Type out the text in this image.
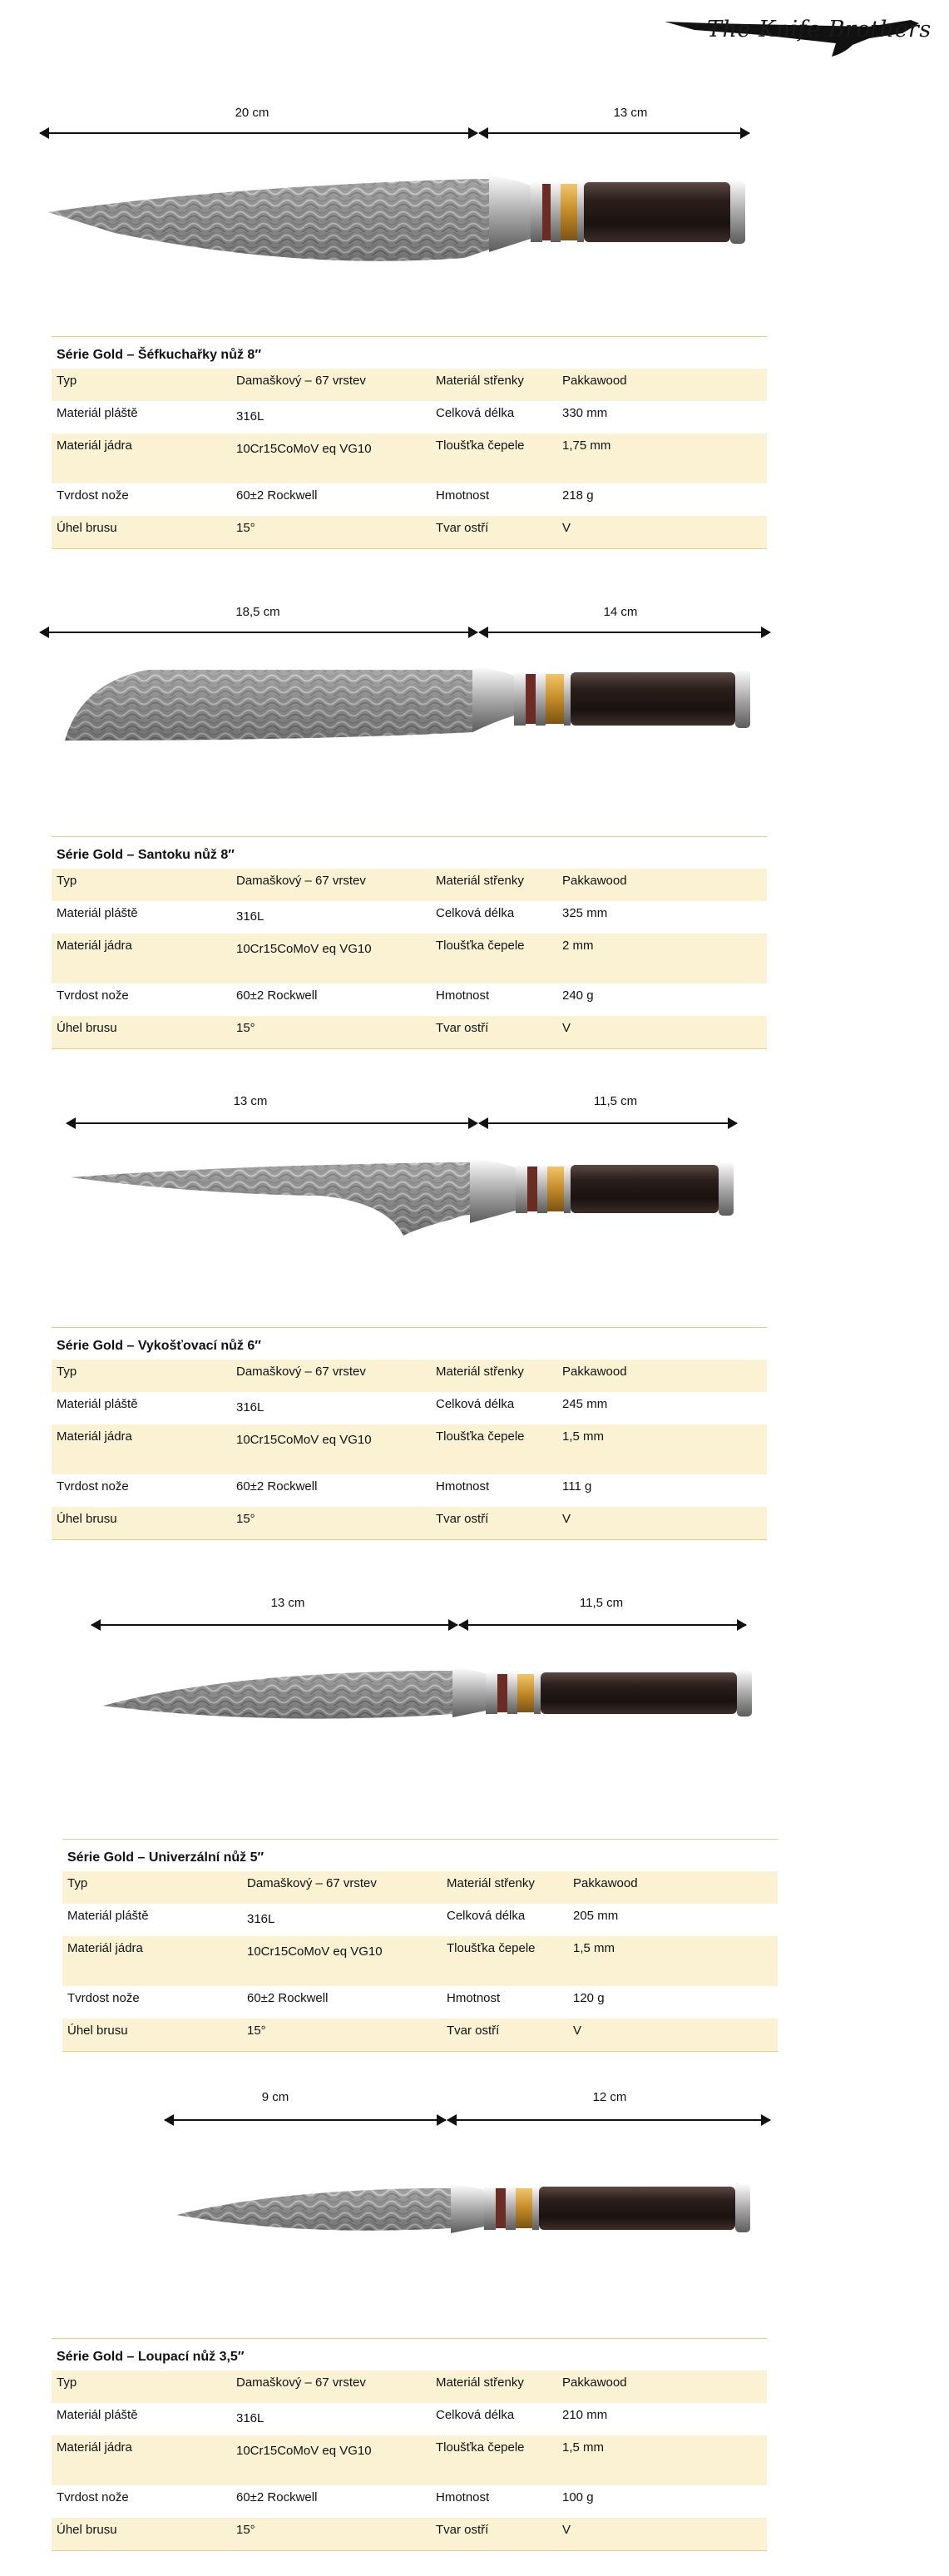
The Knife Brothers
20 cm	13 cm
Série Gold – Šéfkuchařky nůž 8″
Typ	Damaškový – 67 vrstev	Materiál střenky	Pakkawood
Materiál pláště	316L	Celková délka	330 mm
Materiál jádra	10Cr15CoMoV eq VG10	Tloušťka čepele	1,75 mm
Tvrdost nože	60±2 Rockwell	Hmotnost	218 g
Úhel brusu	15°	Tvar ostří	V
18,5 cm	14 cm
Série Gold – Santoku nůž 8″
Typ	Damaškový – 67 vrstev	Materiál střenky	Pakkawood
Materiál pláště	316L	Celková délka	325 mm
Materiál jádra	10Cr15CoMoV eq VG10	Tloušťka čepele	2 mm
Tvrdost nože	60±2 Rockwell	Hmotnost	240 g
Úhel brusu	15°	Tvar ostří	V
13 cm	11,5 cm
Série Gold – Vykošťovací nůž 6″
Typ	Damaškový – 67 vrstev	Materiál střenky	Pakkawood
Materiál pláště	316L	Celková délka	245 mm
Materiál jádra	10Cr15CoMoV eq VG10	Tloušťka čepele	1,5 mm
Tvrdost nože	60±2 Rockwell	Hmotnost	111 g
Úhel brusu	15°	Tvar ostří	V
13 cm	11,5 cm
Série Gold – Univerzální nůž 5″
Typ	Damaškový – 67 vrstev	Materiál střenky	Pakkawood
Materiál pláště	316L	Celková délka	205 mm
Materiál jádra	10Cr15CoMoV eq VG10	Tloušťka čepele	1,5 mm
Tvrdost nože	60±2 Rockwell	Hmotnost	120 g
Úhel brusu	15°	Tvar ostří	V
9 cm	12 cm
Série Gold – Loupací nůž 3,5″
Typ	Damaškový – 67 vrstev	Materiál střenky	Pakkawood
Materiál pláště	316L	Celková délka	210 mm
Materiál jádra	10Cr15CoMoV eq VG10	Tloušťka čepele	1,5 mm
Tvrdost nože	60±2 Rockwell	Hmotnost	100 g
Úhel brusu	15°	Tvar ostří	V
